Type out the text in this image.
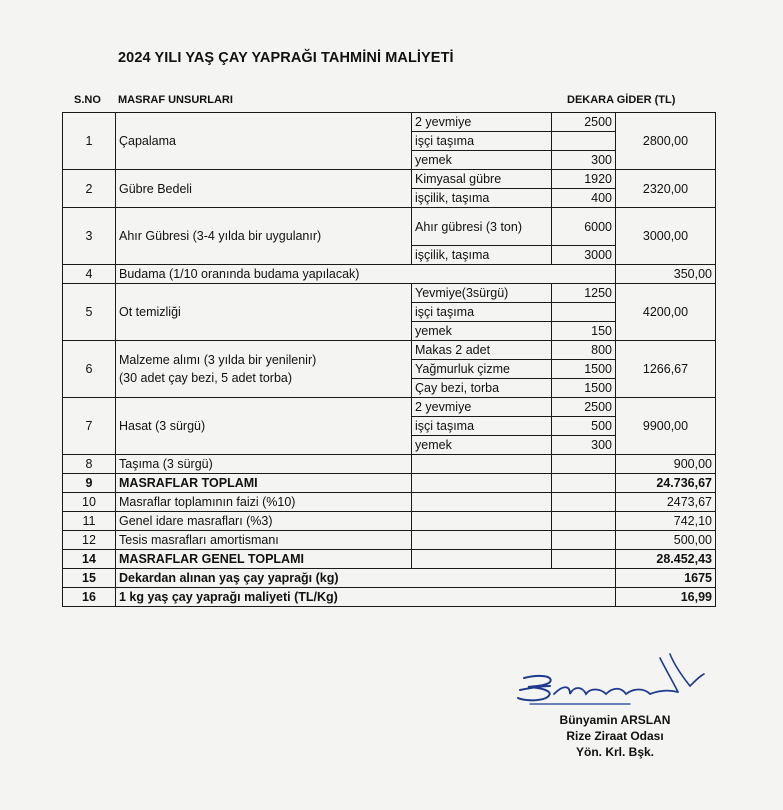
2024 YILI YAŞ ÇAY YAPRAĞI TAHMİNİ MALİYETİ
S.NO MASRAF UNSURLARI	DEKARA GİDER (TL)
1	Çapalama	2 yevmiye	2500	2800,00
		işçi taşıma		
		yemek	300	
2	Gübre Bedeli	Kimyasal gübre	1920	2320,00
		işçilik, taşıma	400	
3	Ahır Gübresi (3-4 yılda bir uygulanır)	Ahır gübresi (3 ton)	6000	3000,00
		işçilik, taşıma	3000	
4	Budama (1/10 oranında budama yapılacak)			350,00
5	Ot temizliği	Yevmiye(3sürgü)	1250	4200,00
		işçi taşıma		
		yemek	150	
6	Malzeme alımı (3 yılda bir yenilenir)
(30 adet çay bezi, 5 adet torba)	Makas 2 adet	800	1266,67
		Yağmurluk çizme	1500	
		Çay bezi, torba	1500	
7	Hasat (3 sürgü)	2 yevmiye	2500	9900,00
		işçi taşıma	500	
		yemek	300	
8	Taşıma (3 sürgü)			900,00
9	MASRAFLAR TOPLAMI			24.736,67
10	Masraflar toplamının faizi (%10)			2473,67
11	Genel idare masrafları (%3)			742,10
12	Tesis masrafları amortismanı			500,00
14	MASRAFLAR GENEL TOPLAMI			28.452,43
15	Dekardan alınan yaş çay yaprağı (kg)			1675
16	1 kg yaş çay yaprağı maliyeti (TL/Kg)			16,99
Bünyamin ARSLAN
Rize Ziraat Odası
Yön. Krl. Bşk.
